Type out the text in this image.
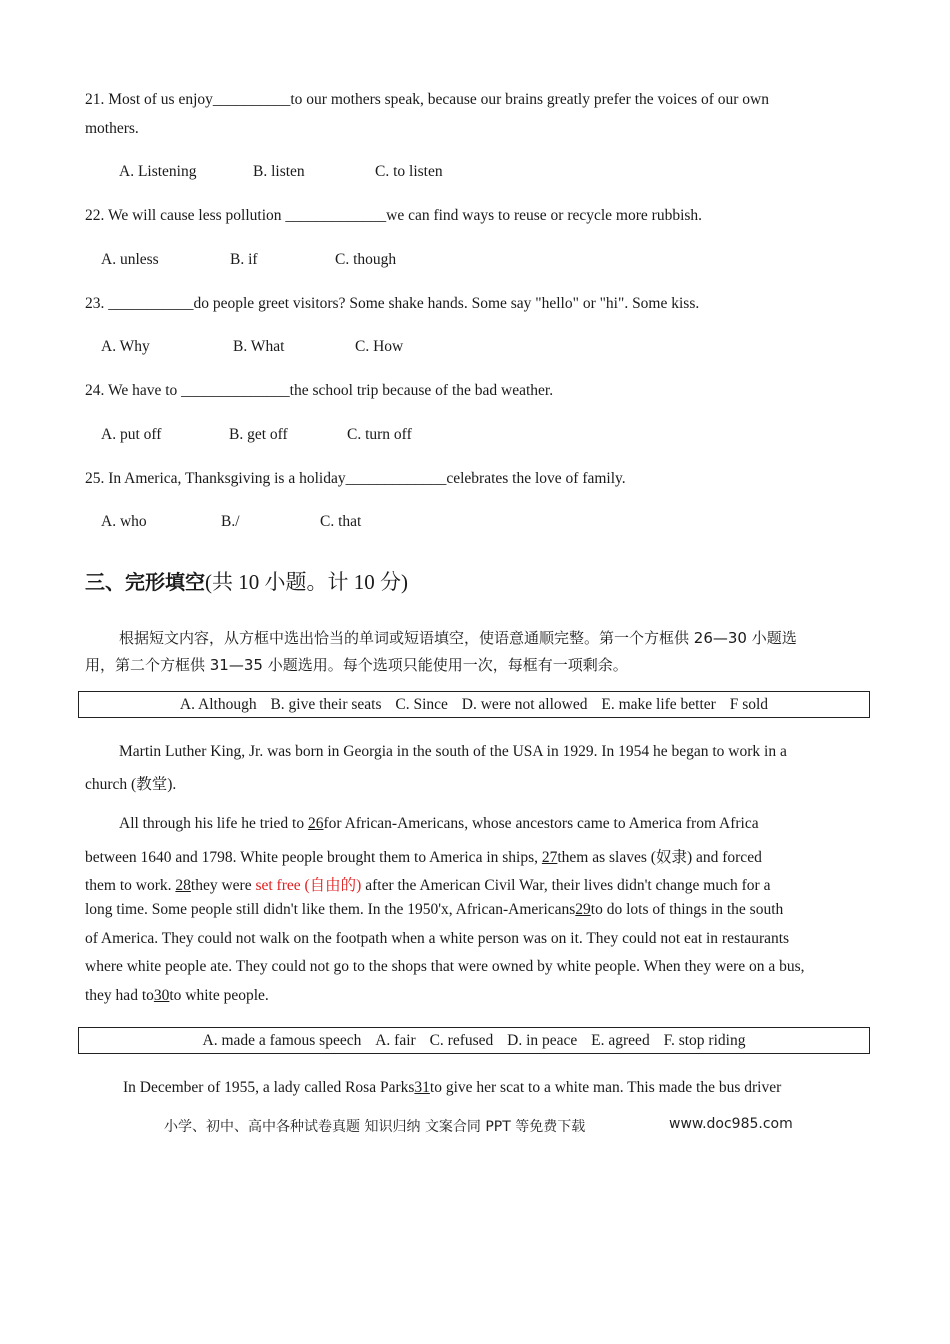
21. Most of us enjoy__________to our mothers speak, because our brains greatly prefer the voices of our own
mothers.
A. Listening	B. listen	C. to listen
22. We will cause less pollution _____________we can find ways to reuse or recycle more rubbish.
A. unless	B. if	C. though
23. ___________do people greet visitors? Some shake hands. Some say "hello" or "hi". Some kiss.
A. Why	B. What	C. How
24. We have to ______________the school trip because of the bad weather.
A. put off	B. get off	C. turn off
25. In America, Thanksgiving is a holiday_____________celebrates the love of family.
A. who	B./	C. that
三、完形填空(共 10 小题。计 10 分)
根据短文内容，从方框中选出恰当的单词或短语填空，使语意通顺完整。第一个方框供 26—30 小题选
用，第二个方框供 31—35 小题选用。每个选项只能使用一次，每框有一项剩余。
A. Although B. give their seats C. Since D. were not allowed E. make life better F sold
Martin Luther King, Jr. was born in Georgia in the south of the USA in 1929. In 1954 he began to work in a
church (教堂).
All through his life he tried to 26for African-Americans, whose ancestors came to America from Africa
between 1640 and 1798. White people brought them to America in ships, 27them as slaves (奴隶) and forced
them to work. 28they were set free (自由的) after the American Civil War, their lives didn't change much for a
long time. Some people still didn't like them. In the 1950'x, African-Americans29to do lots of things in the south
of America. They could not walk on the footpath when a white person was on it. They could not eat in restaurants
where white people ate. They could not go to the shops that were owned by white people. When they were on a bus,
they had to30to white people.
A. made a famous speech A. fair C. refused D. in peace E. agreed F. stop riding
In December of 1955, a lady called Rosa Parks31to give her scat to a white man. This made the bus driver
小学、初中、高中各种试卷真题 知识归纳 文案合同 PPT 等免费下载	www.doc985.com
